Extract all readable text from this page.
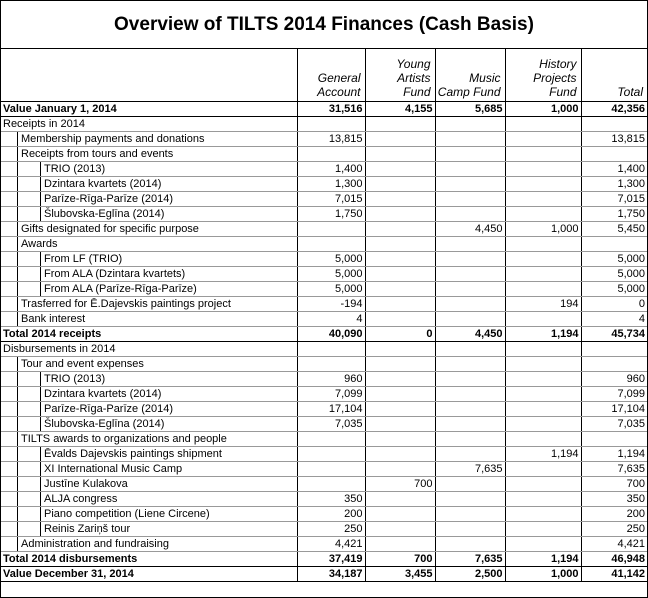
Overview of TILTS 2014 Finances (Cash Basis)
	General Account	Young Artists Fund	Music Camp Fund	History Projects Fund	Total
Value January 1, 2014	31,516	4,155	5,685	1,000	42,356
Receipts in 2014					

Membership payments and donations	13,815				13,815

Receipts from tours and events					

TRIO (2013)	1,400				1,400

Dzintara kvartets (2014)	1,300				1,300

Parīze-Rīga-Parīze (2014)	7,015				7,015

Šlubovska-Eglīna (2014)	1,750				1,750

Gifts designated for specific purpose			4,450	1,000	5,450

Awards					

From LF (TRIO)	5,000				5,000

From ALA (Dzintara kvartets)	5,000				5,000

From ALA (Parīze-Rīga-Parīze)	5,000				5,000

Trasferred for Ē.Dajevskis paintings project	-194			194	0

Bank interest	4				4
Total 2014 receipts	40,090	0	4,450	1,194	45,734
Disbursements in 2014					

Tour and event expenses					

TRIO (2013)	960				960

Dzintara kvartets (2014)	7,099				7,099

Parīze-Rīga-Parīze (2014)	17,104				17,104

Šlubovska-Eglīna (2014)	7,035				7,035

TILTS awards to organizations and people					

Ēvalds Dajevskis paintings shipment				1,194	1,194

XI International Music Camp			7,635		7,635

Justīne Kulakova		700			700

ALJA congress	350				350

Piano competition (Liene Circene)	200				200

Reinis Zariņš tour	250				250

Administration and fundraising	4,421				4,421
Total 2014 disbursements	37,419	700	7,635	1,194	46,948
Value December 31, 2014	34,187	3,455	2,500	1,000	41,142
